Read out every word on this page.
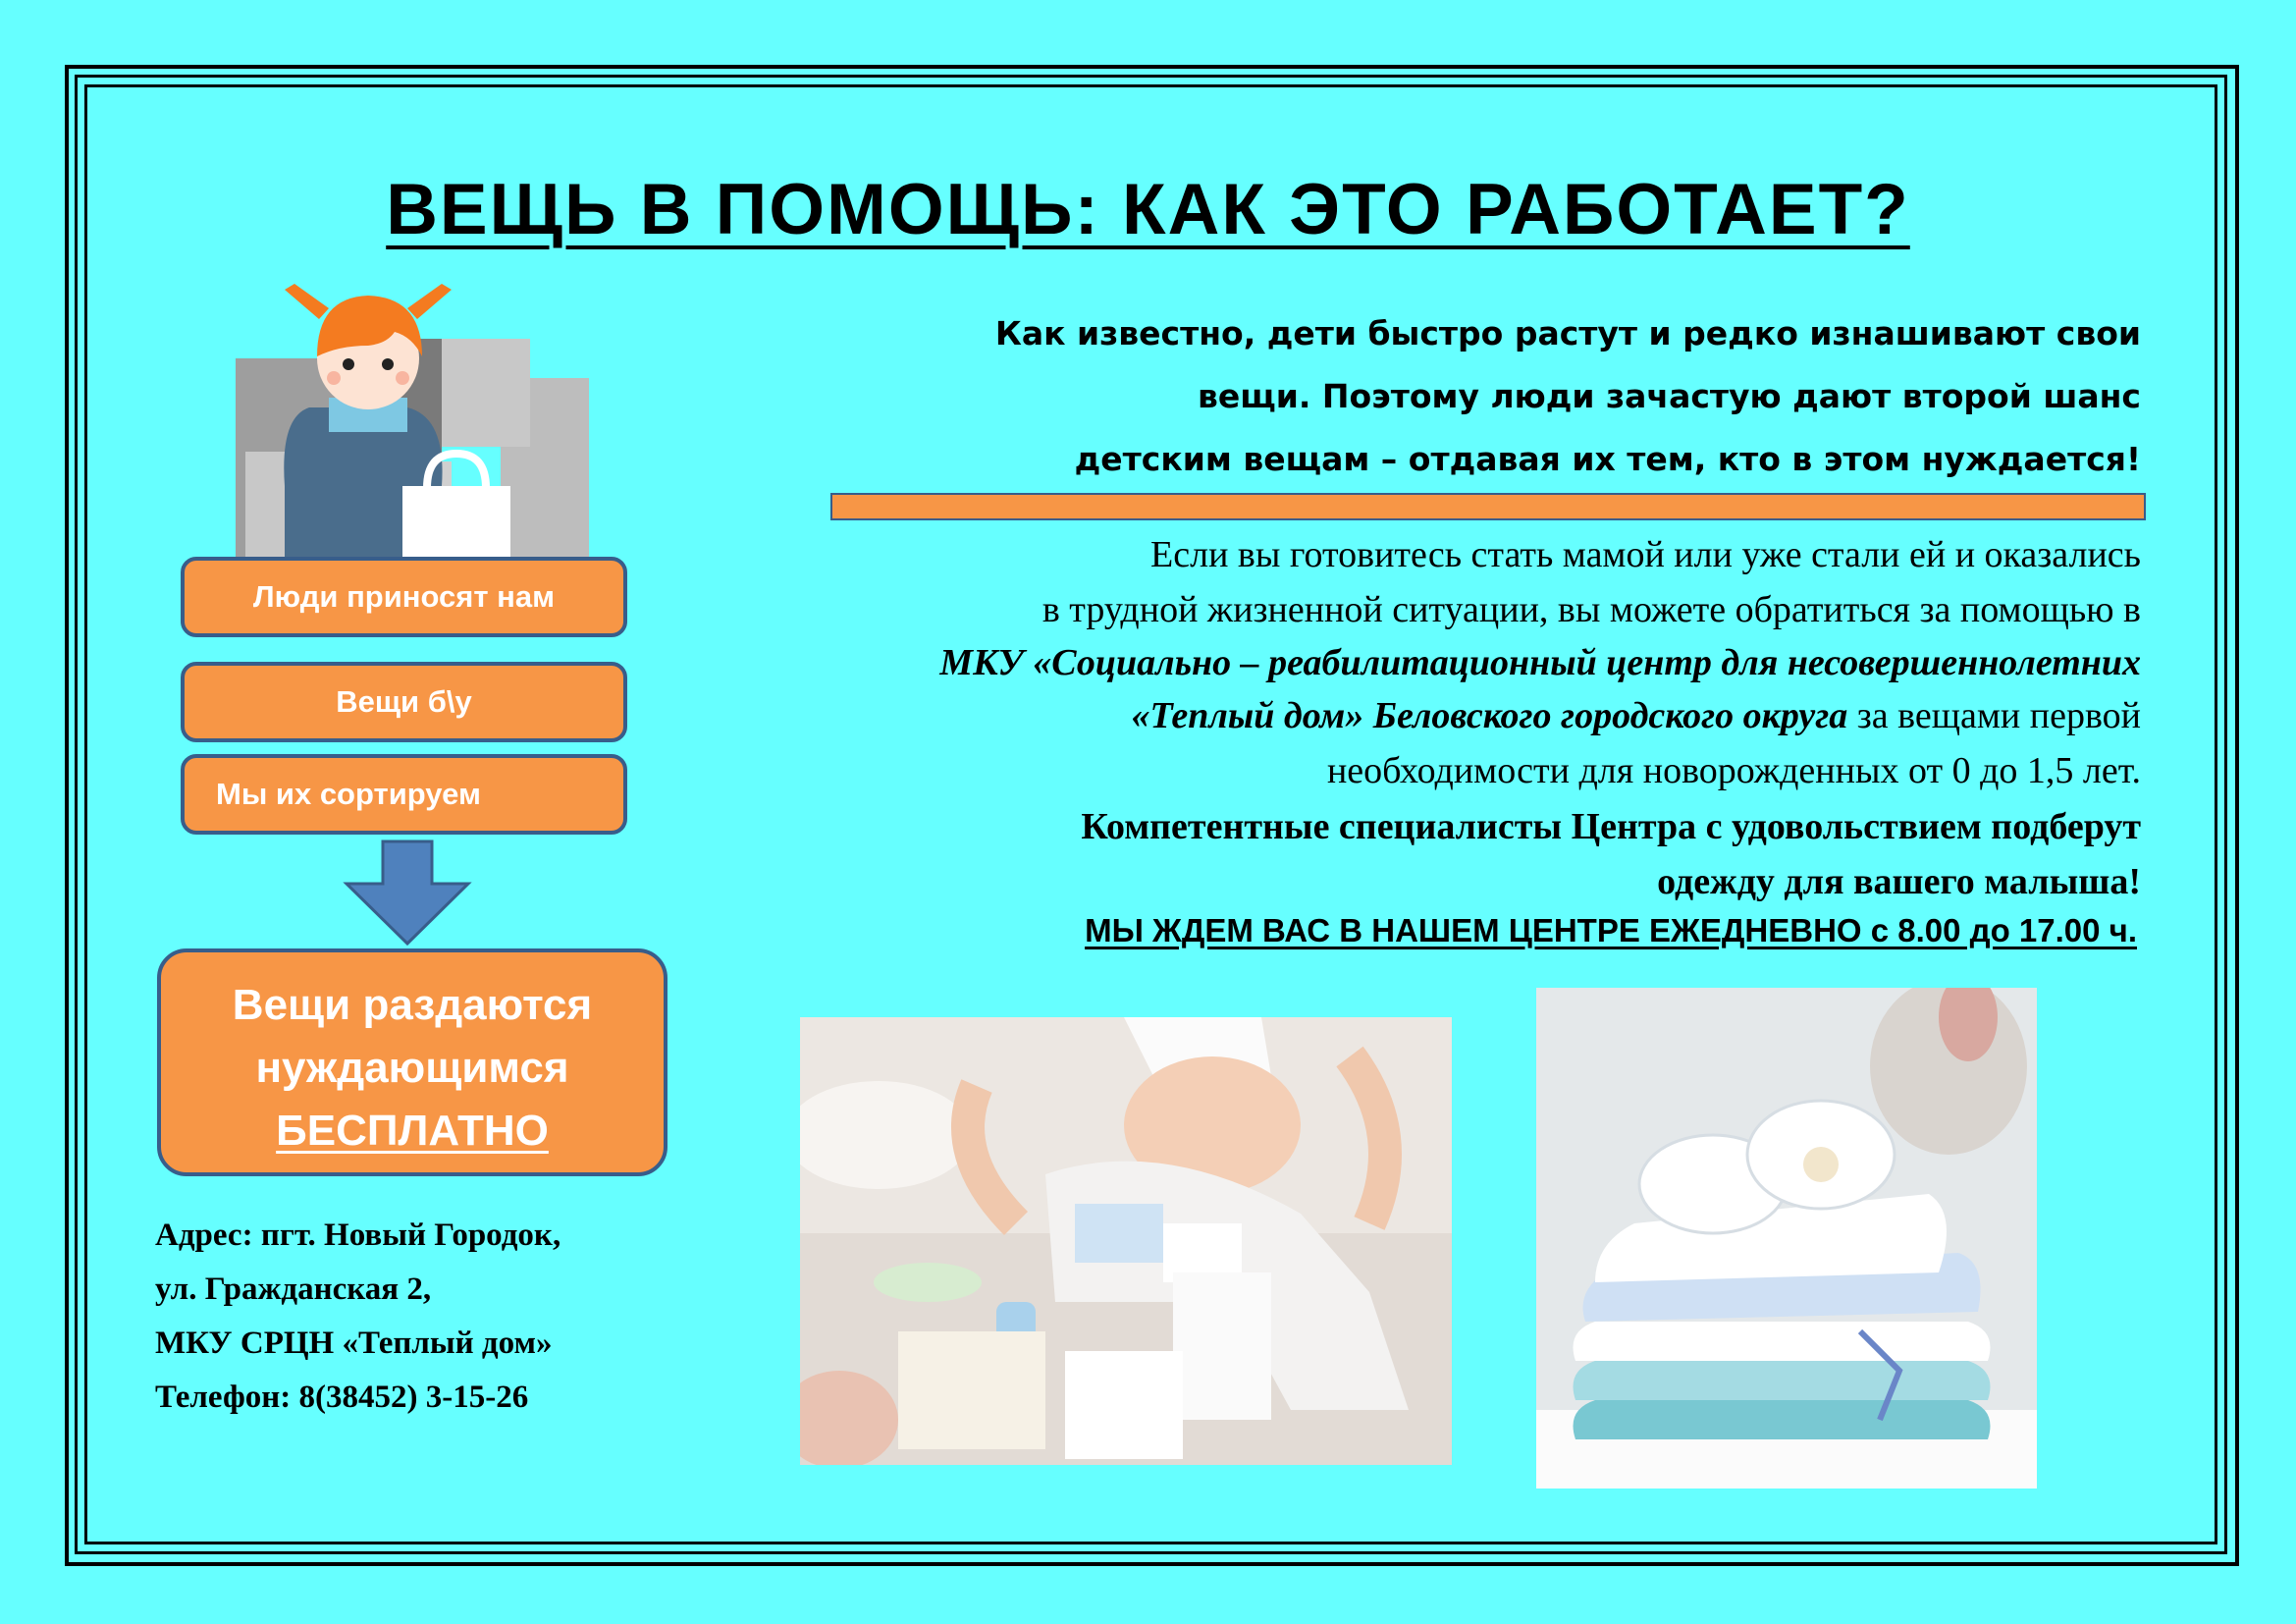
ВЕЩЬ В ПОМОЩЬ: КАК ЭТО РАБОТАЕТ?
Люди приносят нам
Вещи б\у
Мы их сортируем
Вещи раздаются
нуждающимся
БЕСПЛАТНО
Как известно, дети быстро растут и редко изнашивают свои
вещи. Поэтому люди зачастую дают второй шанс
детским вещам – отдавая их тем, кто в этом нуждается!
Если вы готовитесь стать мамой или уже стали ей и оказались
в трудной жизненной ситуации, вы можете обратиться за помощью в
МКУ «Социально – реабилитационный центр для несовершеннолетних
«Теплый дом» Беловского городского округа за вещами первой
необходимости для новорожденных от 0 до 1,5 лет.
Компетентные специалисты Центра с удовольствием подберут
одежду для вашего малыша!
МЫ ЖДЕМ ВАС В НАШЕМ ЦЕНТРЕ ЕЖЕДНЕВНО с 8.00 до 17.00 ч.
Адрес: пгт. Новый Городок,
ул. Гражданская 2,
МКУ СРЦН «Теплый дом»
Телефон: 8(38452) 3-15-26
